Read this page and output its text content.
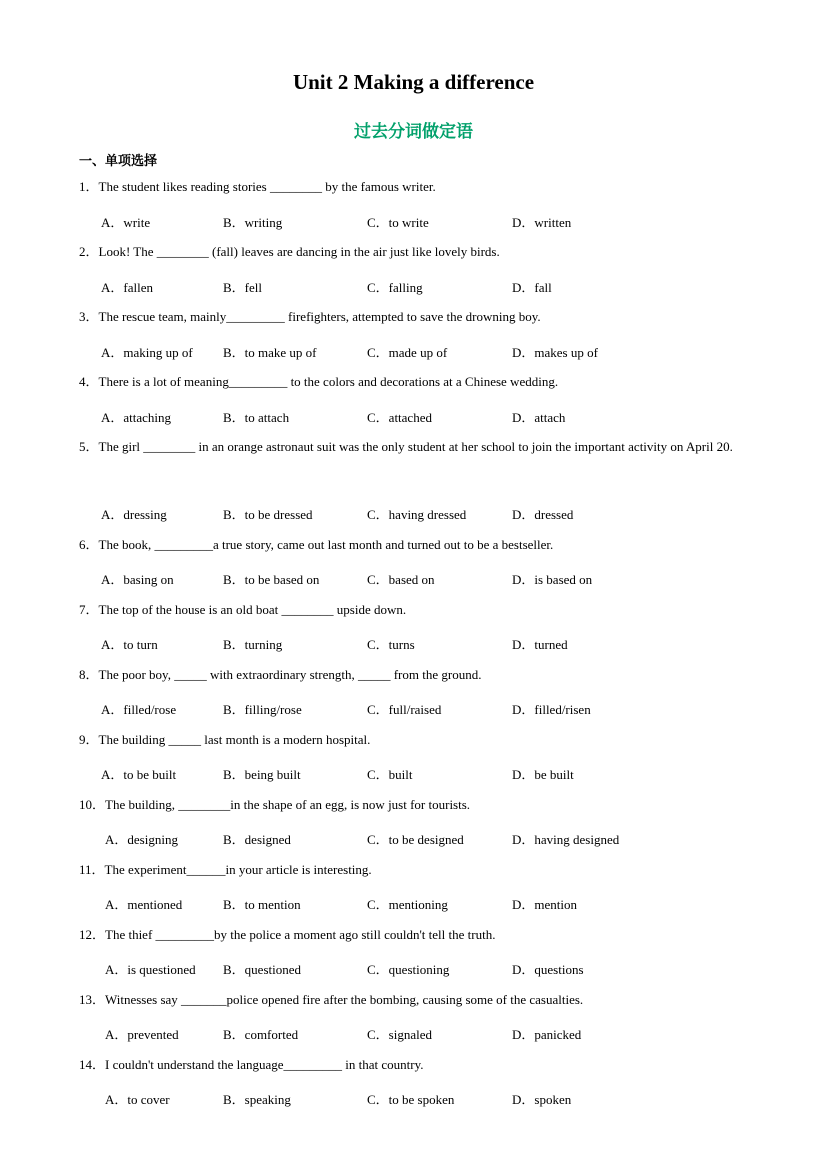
Unit 2 Making a difference
过去分词做定语
一、单项选择
1．The student likes reading stories ________ by the famous writer.
A．write	B．writing	C．to write	D．written
2．Look! The ________ (fall) leaves are dancing in the air just like lovely birds.
A．fallen	B．fell	C．falling	D．fall
3．The rescue team, mainly_________ firefighters, attempted to save the drowning boy.
A．making up of B．to make up of	C．made up of	D．makes up of
4．There is a lot of meaning_________ to the colors and decorations at a Chinese wedding.
A．attaching	B．to attach	C．attached	D．attach
5．The girl ________ in an orange astronaut suit was the only student at her school to join the important activity on April 20.
A．dressing	B．to be dressed	C．having dressed	D．dressed
6．The book, _________a true story, came out last month and turned out to be a bestseller.
A．basing on	B．to be based on	C．based on	D．is based on
7．The top of the house is an old boat ________ upside down.
A．to turn	B．turning	C．turns	D．turned
8．The poor boy, _____ with extraordinary strength, _____ from the ground.
A．filled/rose	B．filling/rose	C．full/raised	D．filled/risen
9．The building _____ last month is a modern hospital.
A．to be built	B．being built	C．built	D．be built
10．The building, ________in the shape of an egg, is now just for tourists.
A．designing	B．designed	C．to be designed	D．having designed
11．The experiment______in your article is interesting.
A．mentioned	B．to mention	C．mentioning	D．mention
12．The thief _________by the police a moment ago still couldn't tell the truth.
A．is questioned B．questioned	C．questioning	D．questions
13．Witnesses say _______police opened fire after the bombing, causing some of the casualties.
A．prevented	B．comforted	C．signaled	D．panicked
14．I couldn't understand the language_________ in that country.
A．to cover	B．speaking	C．to be spoken	D．spoken
